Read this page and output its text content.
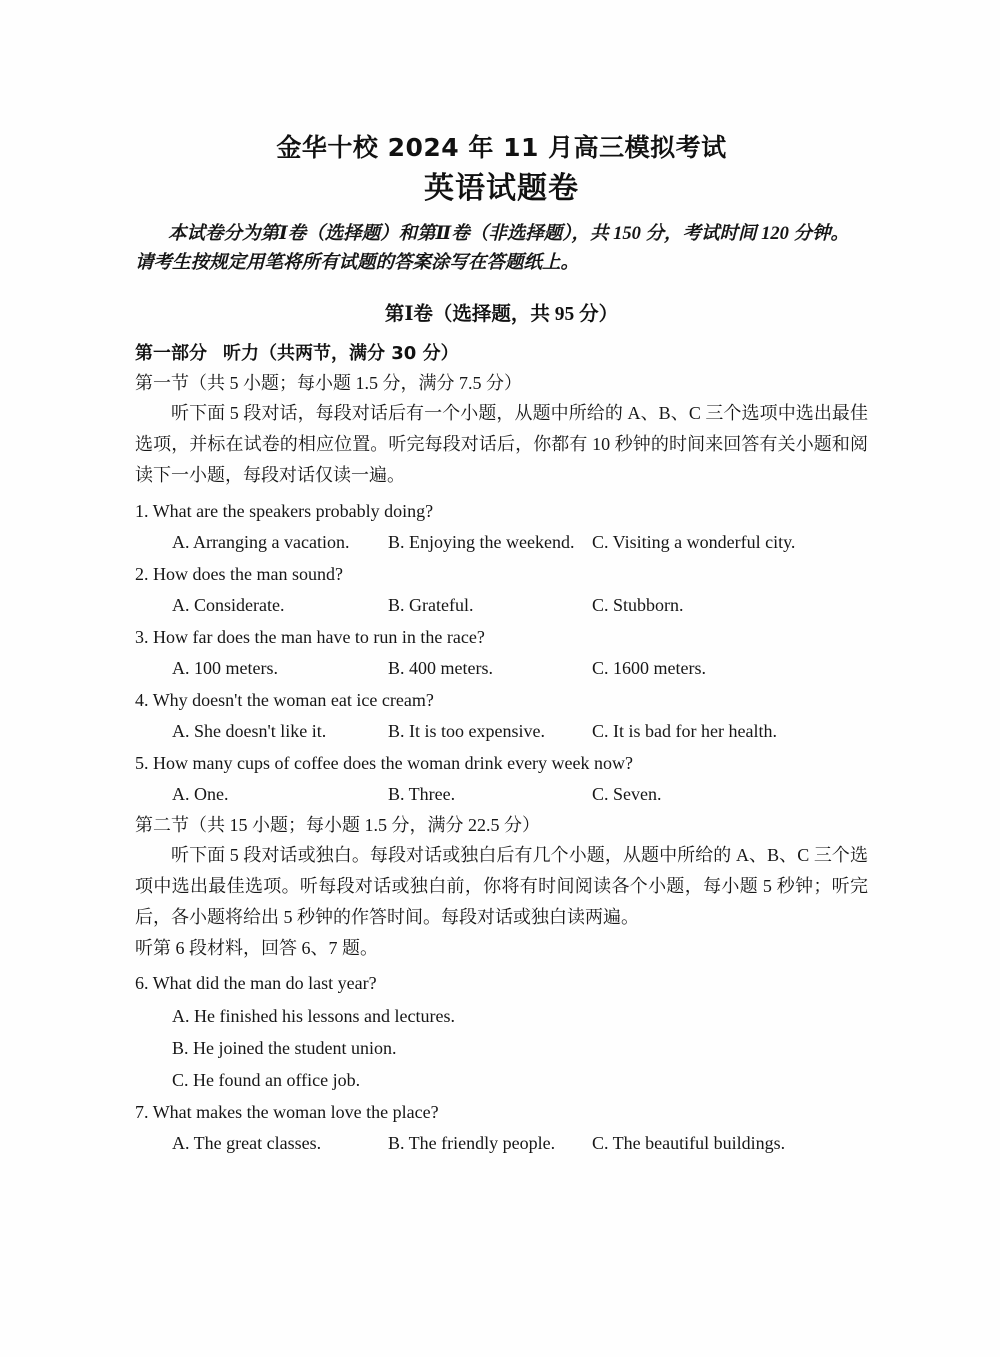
金华十校 2024 年 11 月高三模拟考试
英语试题卷
本试卷分为第Ⅰ卷（选择题）和第Ⅱ卷（非选择题），共 150 分，考试时间 120 分钟。
请考生按规定用笔将所有试题的答案涂写在答题纸上。
第Ⅰ卷（选择题，共 95 分）
第一部分 听力（共两节，满分 30 分）
第一节（共 5 小题；每小题 1.5 分，满分 7.5 分）
听下面 5 段对话，每段对话后有一个小题，从题中所给的 A、B、C 三个选项中选出最佳选项，并标在试卷的相应位置。听完每段对话后，你都有 10 秒钟的时间来回答有关小题和阅读下一小题，每段对话仅读一遍。
1. What are the speakers probably doing?
A. Arranging a vacation. B. Enjoying the weekend. C. Visiting a wonderful city.
2. How does the man sound?
A. Considerate.	B. Grateful.	C. Stubborn.
3. How far does the man have to run in the race?
A. 100 meters.	B. 400 meters.	C. 1600 meters.
4. Why doesn't the woman eat ice cream?
A. She doesn't like it.	B. It is too expensive.	C. It is bad for her health.
5. How many cups of coffee does the woman drink every week now?
A. One.	B. Three.	C. Seven.
第二节（共 15 小题；每小题 1.5 分，满分 22.5 分）
听下面 5 段对话或独白。每段对话或独白后有几个小题，从题中所给的 A、B、C 三个选项中选出最佳选项。听每段对话或独白前，你将有时间阅读各个小题，每小题 5 秒钟；听完后，各小题将给出 5 秒钟的作答时间。每段对话或独白读两遍。
听第 6 段材料，回答 6、7 题。
6. What did the man do last year?
A. He finished his lessons and lectures.
B. He joined the student union.
C. He found an office job.
7. What makes the woman love the place?
A. The great classes.	B. The friendly people. C. The beautiful buildings.
